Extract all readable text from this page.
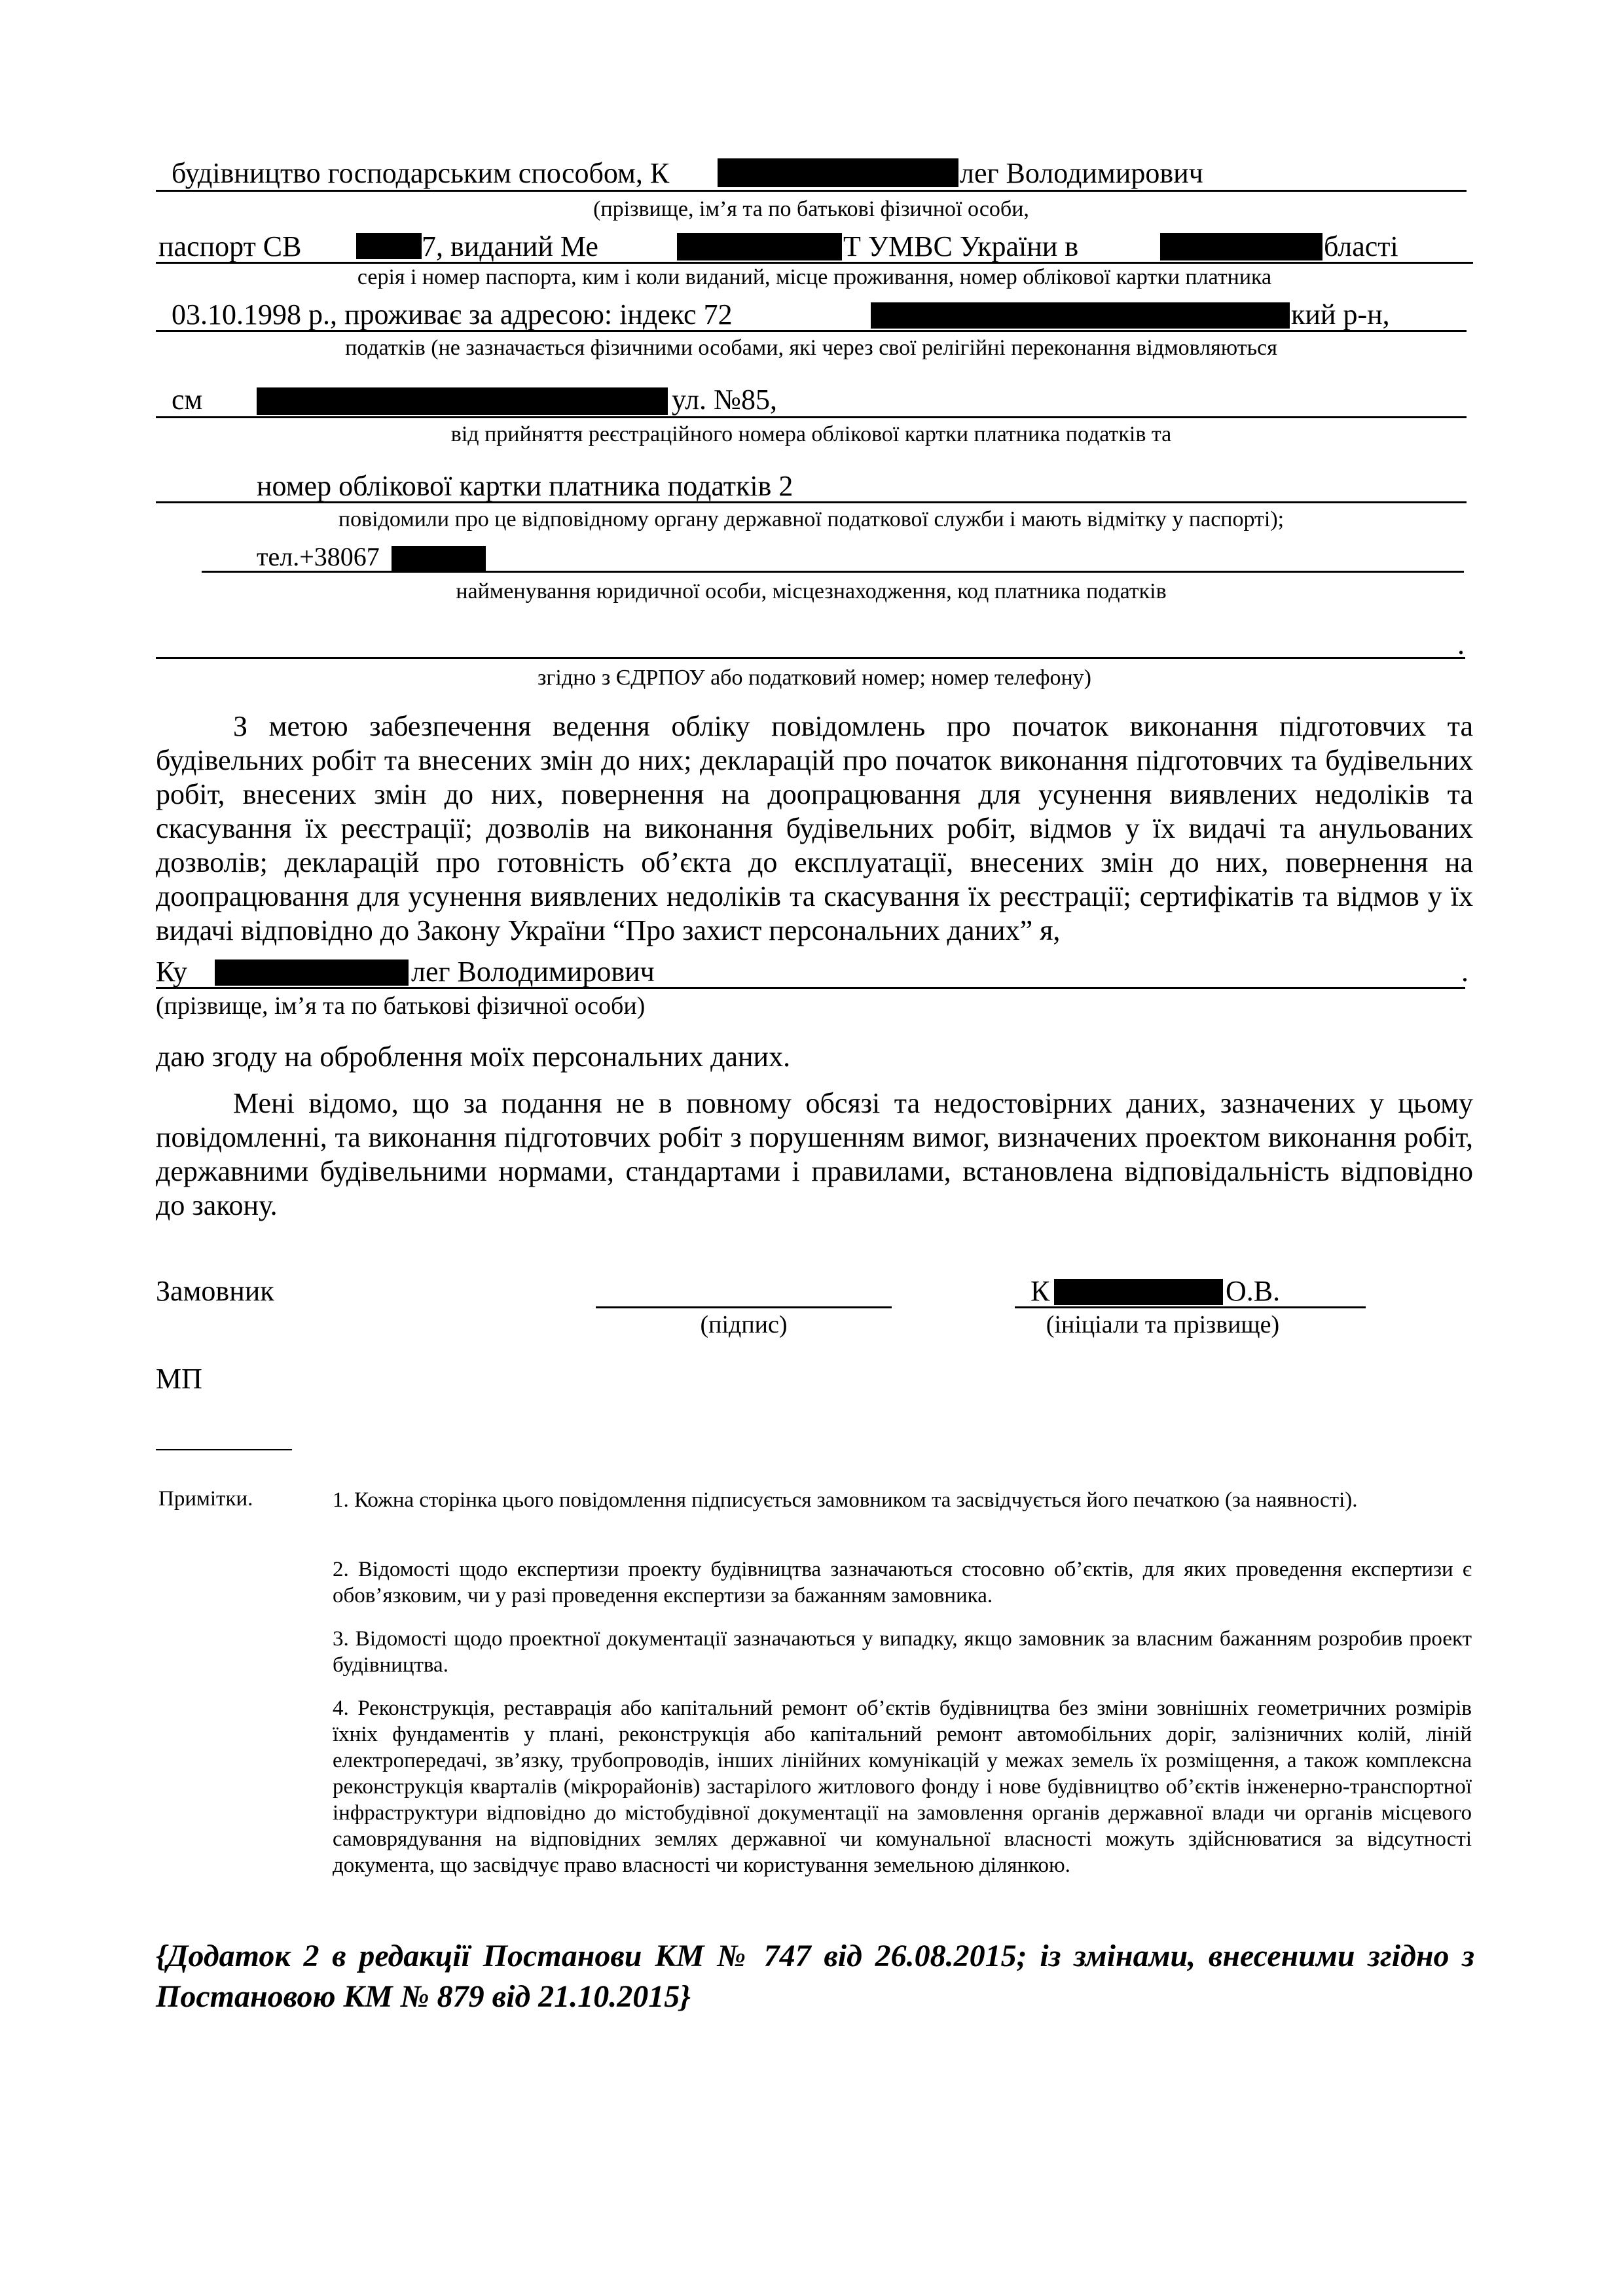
будівництво господарським способом, К	лег Володимирович
(прізвище, ім’я та по батькові фізичної особи,
паспорт СВ	7, виданий Ме	Т УМВС України в	бласті
серія і номер паспорта, ким і коли виданий, місце проживання, номер облікової картки платника
03.10.1998 р., проживає за адресою: індекс 72	кий р-н,
податків (не зазначається фізичними особами, які через свої релігійні переконання відмовляються
см	ул. №85,
від прийняття реєстраційного номера облікової картки платника податків та
номер облікової картки платника податків 2
повідомили про це відповідному органу державної податкової служби і мають відмітку у паспорті);
тел.+38067
найменування юридичної особи, місцезнаходження, код платника податків
.
згідно з ЄДРПОУ або податковий номер; номер телефону)

З метою забезпечення ведення обліку повідомлень про початок виконання підготовчих та будівельних робіт та внесених змін до них; декларацій про початок виконання підготовчих та будівельних робіт, внесених змін до них, повернення на доопрацювання для усунення виявлених недоліків та скасування їх реєстрації; дозволів на виконання будівельних робіт, відмов у їх видачі та анульованих дозволів; декларацій про готовність об’єкта до експлуатації, внесених змін до них, повернення на доопрацювання для усунення виявлених недоліків та скасування їх реєстрації; сертифікатів та відмов у їх видачі відповідно до Закону України “Про захист персональних даних” я,

Ку	лег Володимирович	.
(прізвище, ім’я та по батькові фізичної особи)
даю згоду на оброблення моїх персональних даних.

Мені відомо, що за подання не в повному обсязі та недостовірних даних, зазначених у цьому повідомленні, та виконання підготовчих робіт з порушенням вимог, визначених проектом виконання робіт, державними будівельними нормами, стандартами і правилами, встановлена відповідальність відповідно до закону.

Замовник
(підпис)
К	О.В.
(ініціали та прізвище)
МП
Примітки.	1. Кожна сторінка цього повідомлення підписується замовником та засвідчується його печаткою (за наявності).
2. Відомості щодо експертизи проекту будівництва зазначаються стосовно об’єктів, для яких проведення експертизи є обов’язковим, чи у разі проведення експертизи за бажанням замовника.
3. Відомості щодо проектної документації зазначаються у випадку, якщо замовник за власним бажанням розробив проект будівництва.
4. Реконструкція, реставрація або капітальний ремонт об’єктів будівництва без зміни зовнішніх геометричних розмірів їхніх фундаментів у плані, реконструкція або капітальний ремонт автомобільних доріг, залізничних колій, ліній електропередачі, зв’язку, трубопроводів, інших лінійних комунікацій у межах земель їх розміщення, а також комплексна реконструкція кварталів (мікрорайонів) застарілого житлового фонду і нове будівництво об’єктів інженерно-транспортної інфраструктури відповідно до містобудівної документації на замовлення органів державної влади чи органів місцевого самоврядування на відповідних землях державної чи комунальної власності можуть здійснюватися за відсутності документа, що засвідчує право власності чи користування земельною ділянкою.
{Додаток 2 в редакції Постанови КМ № 747 від 26.08.2015; із змінами, внесеними згідно з Постановою КМ № 879 від 21.10.2015}
